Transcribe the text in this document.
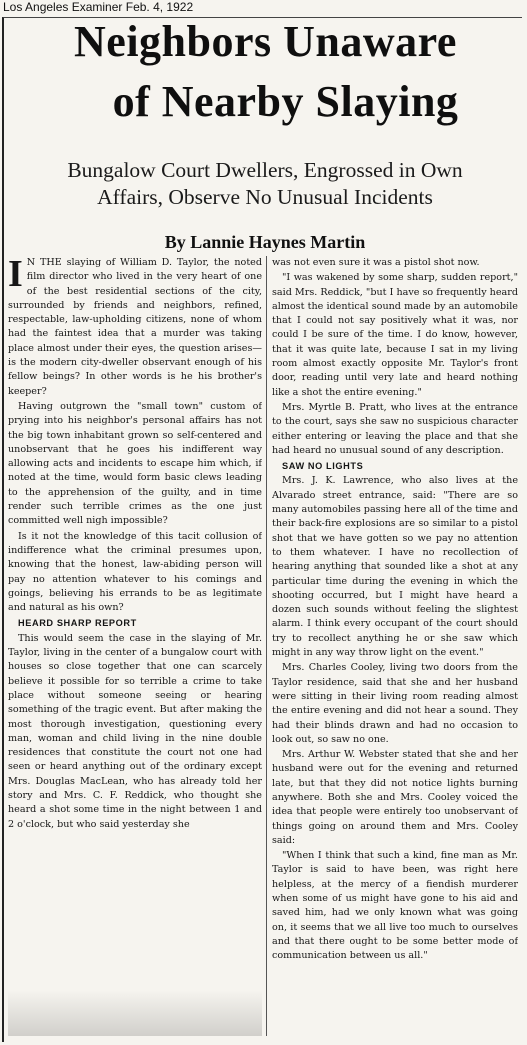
Los Angeles Examiner Feb. 4, 1922
Neighbors Unaware
of Nearby Slaying
Bungalow Court Dwellers, Engrossed in Own
Affairs, Observe No Unusual Incidents
By Lannie Haynes Martin

I N THE slaying of William D. Taylor, the noted film director who lived in the very heart of one of the best residential sections of the city, surrounded by friends and neighbors, refined, respectable, law-upholding citizens, none of whom had the faintest idea that a murder was taking place almost under their eyes, the question arises—is the modern city-dweller observant enough of his fellow beings? In other words is he his brother's keeper?

Having outgrown the "small town" custom of prying into his neighbor's personal affairs has not the big town inhabitant grown so self-centered and unobservant that he goes his indifferent way allowing acts and incidents to escape him which, if noted at the time, would form basic clews leading to the apprehension of the guilty, and in time render such terrible crimes as the one just committed well nigh impossible?

Is it not the knowledge of this tacit collusion of indifference what the criminal presumes upon, knowing that the honest, law-abiding person will pay no attention whatever to his comings and goings, believing his errands to be as legitimate and natural as his own?

HEARD SHARP REPORT

This would seem the case in the slaying of Mr. Taylor, living in the center of a bungalow court with houses so close together that one can scarcely believe it possible for so terrible a crime to take place without someone seeing or hearing something of the tragic event. But after making the most thorough investigation, questioning every man, woman and child living in the nine double residences that constitute the court not one had seen or heard anything out of the ordinary except Mrs. Douglas MacLean, who has already told her story and Mrs. C. F. Reddick, who thought she heard a shot some time in the night between 1 and 2 o'clock, but who said yesterday she

was not even sure it was a pistol shot now.

"I was wakened by some sharp, sudden report," said Mrs. Reddick, "but I have so frequently heard almost the identical sound made by an automobile that I could not say positively what it was, nor could I be sure of the time. I do know, however, that it was quite late, because I sat in my living room almost exactly opposite Mr. Taylor's front door, reading until very late and heard nothing like a shot the entire evening."

Mrs. Myrtle B. Pratt, who lives at the entrance to the court, says she saw no suspicious character either entering or leaving the place and that she had heard no unusual sound of any description.

SAW NO LIGHTS

Mrs. J. K. Lawrence, who also lives at the Alvarado street entrance, said: "There are so many automobiles passing here all of the time and their back-fire explosions are so similar to a pistol shot that we have gotten so we pay no attention to them whatever. I have no recollection of hearing anything that sounded like a shot at any particular time during the evening in which the shooting occurred, but I might have heard a dozen such sounds without feeling the slightest alarm. I think every occupant of the court should try to recollect anything he or she saw which might in any way throw light on the event."

Mrs. Charles Cooley, living two doors from the Taylor residence, said that she and her husband were sitting in their living room reading almost the entire evening and did not hear a sound. They had their blinds drawn and had no occasion to look out, so saw no one.

Mrs. Arthur W. Webster stated that she and her husband were out for the evening and returned late, but that they did not notice lights burning anywhere. Both she and Mrs. Cooley voiced the idea that people were entirely too unobservant of things going on around them and Mrs. Cooley said:

"When I think that such a kind, fine man as Mr. Taylor is said to have been, was right here helpless, at the mercy of a fiendish murderer when some of us might have gone to his aid and saved him, had we only known what was going on, it seems that we all live too much to ourselves and that there ought to be some better mode of communication between us all."
